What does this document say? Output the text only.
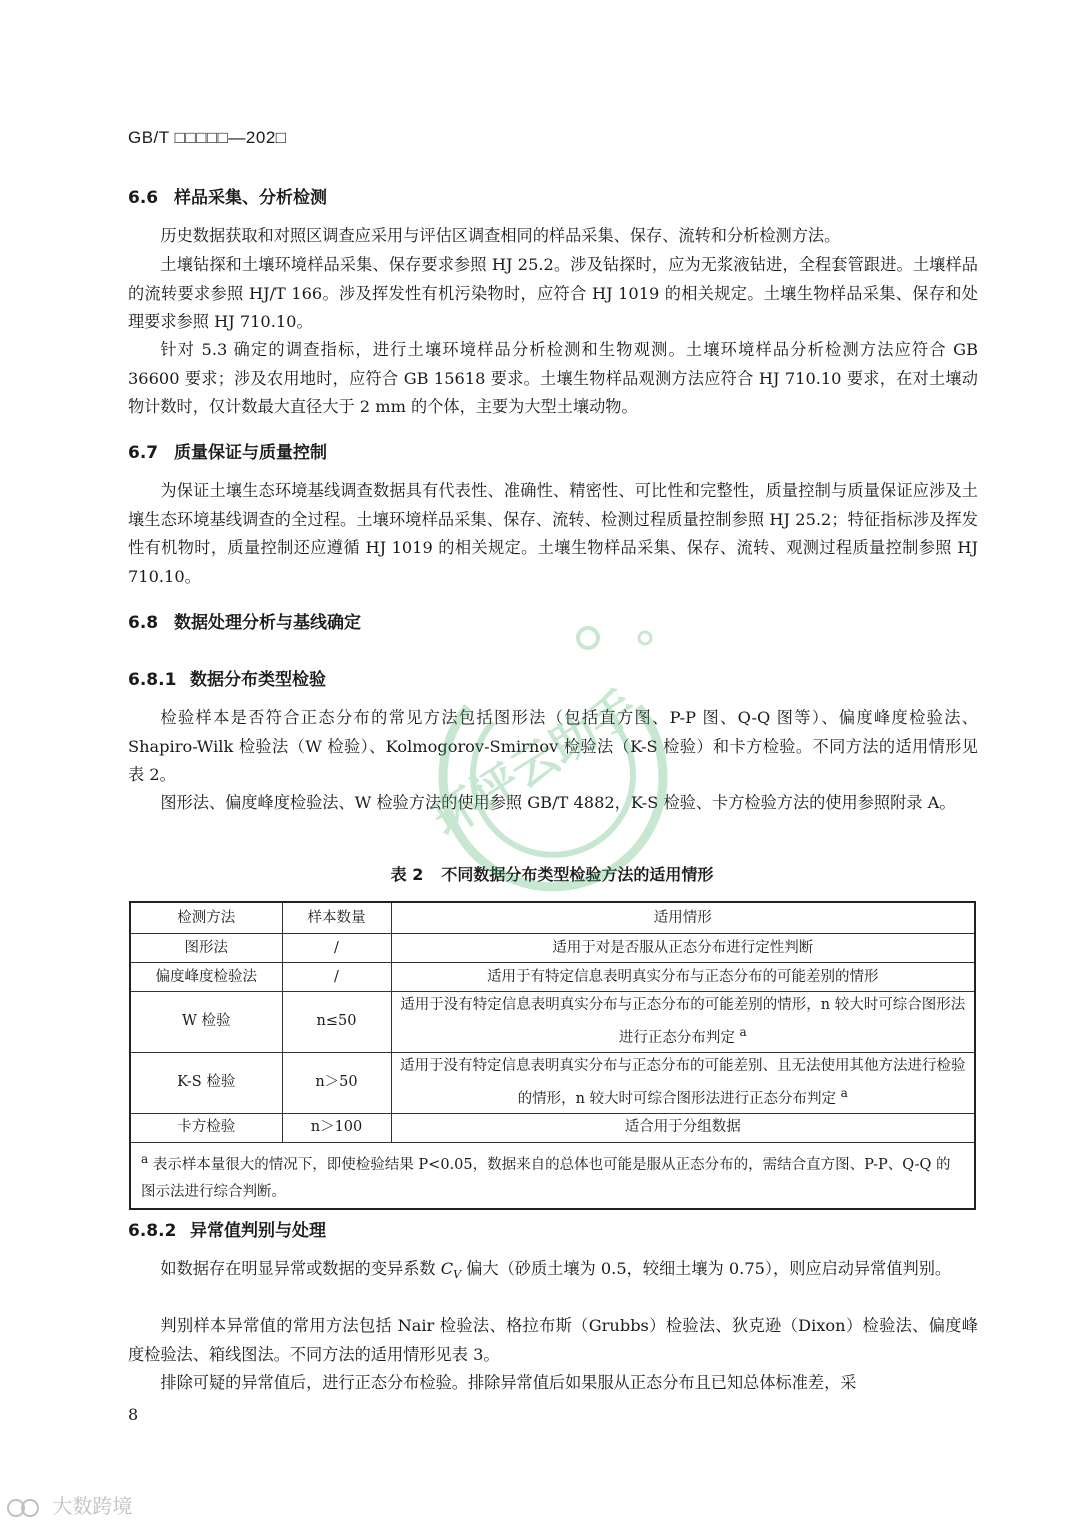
GB/T □□□□□—202□
6.6 样品采集、分析检测

历史数据获取和对照区调查应采用与评估区调查相同的样品采集、保存、流转和分析检测方法。

土壤钻探和土壤环境样品采集、保存要求参照 HJ 25.2。涉及钻探时，应为无浆液钻进，全程套管跟进。土壤样品的流转要求参照 HJ/T 166。涉及挥发性有机污染物时，应符合 HJ 1019 的相关规定。土壤生物样品采集、保存和处理要求参照 HJ 710.10。

针对 5.3 确定的调查指标，进行土壤环境样品分析检测和生物观测。土壤环境样品分析检测方法应符合 GB 36600 要求；涉及农用地时，应符合 GB 15618 要求。土壤生物样品观测方法应符合 HJ 710.10 要求，在对土壤动物计数时，仅计数最大直径大于 2 mm 的个体，主要为大型土壤动物。

6.7 质量保证与质量控制

为保证土壤生态环境基线调查数据具有代表性、准确性、精密性、可比性和完整性，质量控制与质量保证应涉及土壤生态环境基线调查的全过程。土壤环境样品采集、保存、流转、检测过程质量控制参照 HJ 25.2；特征指标涉及挥发性有机物时，质量控制还应遵循 HJ 1019 的相关规定。土壤生物样品采集、保存、流转、观测过程质量控制参照 HJ 710.10。

6.8 数据处理分析与基线确定
6.8.1 数据分布类型检验

检验样本是否符合正态分布的常见方法包括图形法（包括直方图、P-P 图、Q-Q 图等）、偏度峰度检验法、Shapiro-Wilk 检验法（W 检验）、Kolmogorov-Smirnov 检验法（K-S 检验）和卡方检验。不同方法的适用情形见表 2。

图形法、偏度峰度检验法、W 检验方法的使用参照 GB/T 4882，K-S 检验、卡方检验方法的使用参照附录 A。

表 2 不同数据分布类型检验方法的适用情形
检测方法	样本数量	适用情形
图形法	/	适用于对是否服从正态分布进行定性判断
偏度峰度检验法	/	适用于有特定信息表明真实分布与正态分布的可能差别的情形
W 检验	n≤50	适用于没有特定信息表明真实分布与正态分布的可能差别的情形，n 较大时可综合图形法进行正态分布判定 $^a$
K-S 检验	n＞50	适用于没有特定信息表明真实分布与正态分布的可能差别、且无法使用其他方法进行检验的情形，n 较大时可综合图形法进行正态分布判定 $^a$
卡方检验	n＞100	适合用于分组数据
$^a$ 表示样本量很大的情况下，即使检验结果 P<0.05，数据来自的总体也可能是服从正态分布的，需结合直方图、P-P、Q-Q 的图示法进行综合判断。		
6.8.2 异常值判别与处理

如数据存在明显异常或数据的变异系数 $C_V$ 偏大（砂质土壤为 0.5，较细土壤为 0.75），则应启动异常值判别。

判别样本异常值的常用方法包括 Nair 检验法、格拉布斯（Grubbs）检验法、狄克逊（Dixon）检验法、偏度峰度检验法、箱线图法。不同方法的适用情形见表 3。

排除可疑的异常值后，进行正态分布检验。排除异常值后如果服从正态分布且已知总体标准差，采

8
环评云助手
大数跨境
